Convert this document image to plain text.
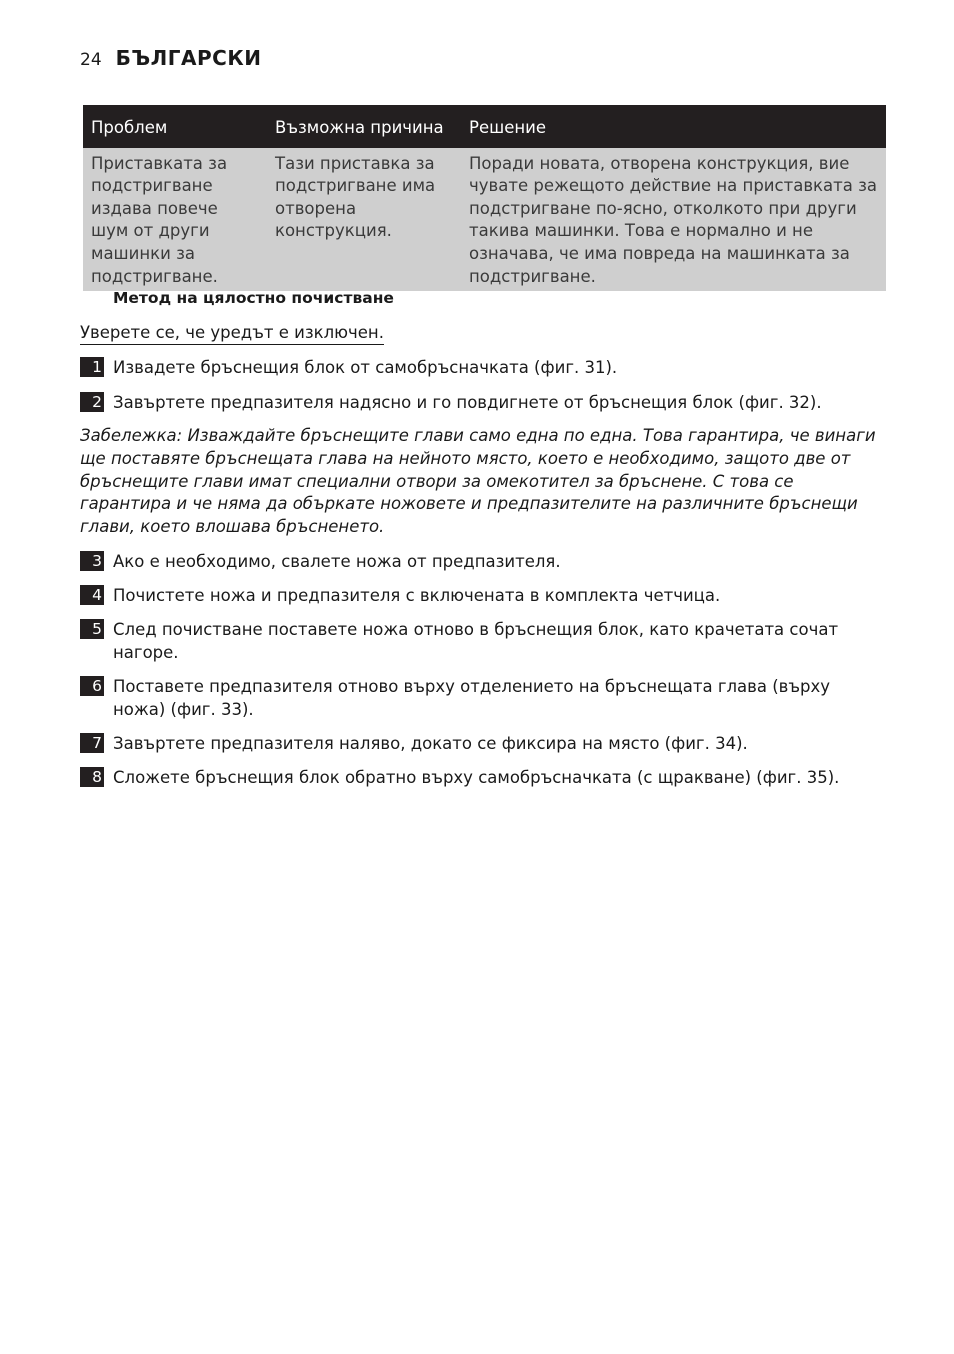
24 БЪЛГАРСКИ
Проблем	Възможна причина	Решение
Приставката за подстригване издава повече шум от други машинки за подстригване.	Тази приставка за подстригване има отворена конструкция.	Поради новата, отворена конструкция, вие чувате режещото действие на приставката за подстригване по-ясно, отколкото при други такива машинки. Това е нормално и не означава, че има повреда на машинката за подстригване.
Метод на цялостно почистване
Уверете се, че уредът е изключен.
1 Извадете бръснещия блок от самобръсначката (фиг. 31).
2 Завъртете предпазителя надясно и го повдигнете от бръснещия блок (фиг. 32).
Забележка: Изваждайте бръснещите глави само една по една. Това гарантира, че винаги ще поставяте бръснещата глава на нейното място, което е необходимо, защото две от бръснещите глави имат специални отвори за омекотител за бръснене. С това се гарантира и че няма да объркате ножовете и предпазителите на различните бръснещи глави, което влошава бръсненето.
3 Ако е необходимо, свалете ножа от предпазителя.
4 Почистете ножа и предпазителя с включената в комплекта четчица.
5 След почистване поставете ножа отново в бръснещия блок, като крачетата сочат нагоре.
6 Поставете предпазителя отново върху отделението на бръснещата глава (върху ножа) (фиг. 33).
7 Завъртете предпазителя наляво, докато се фиксира на място (фиг. 34).
8 Сложете бръснещия блок обратно върху самобръсначката (с щракване) (фиг. 35).
